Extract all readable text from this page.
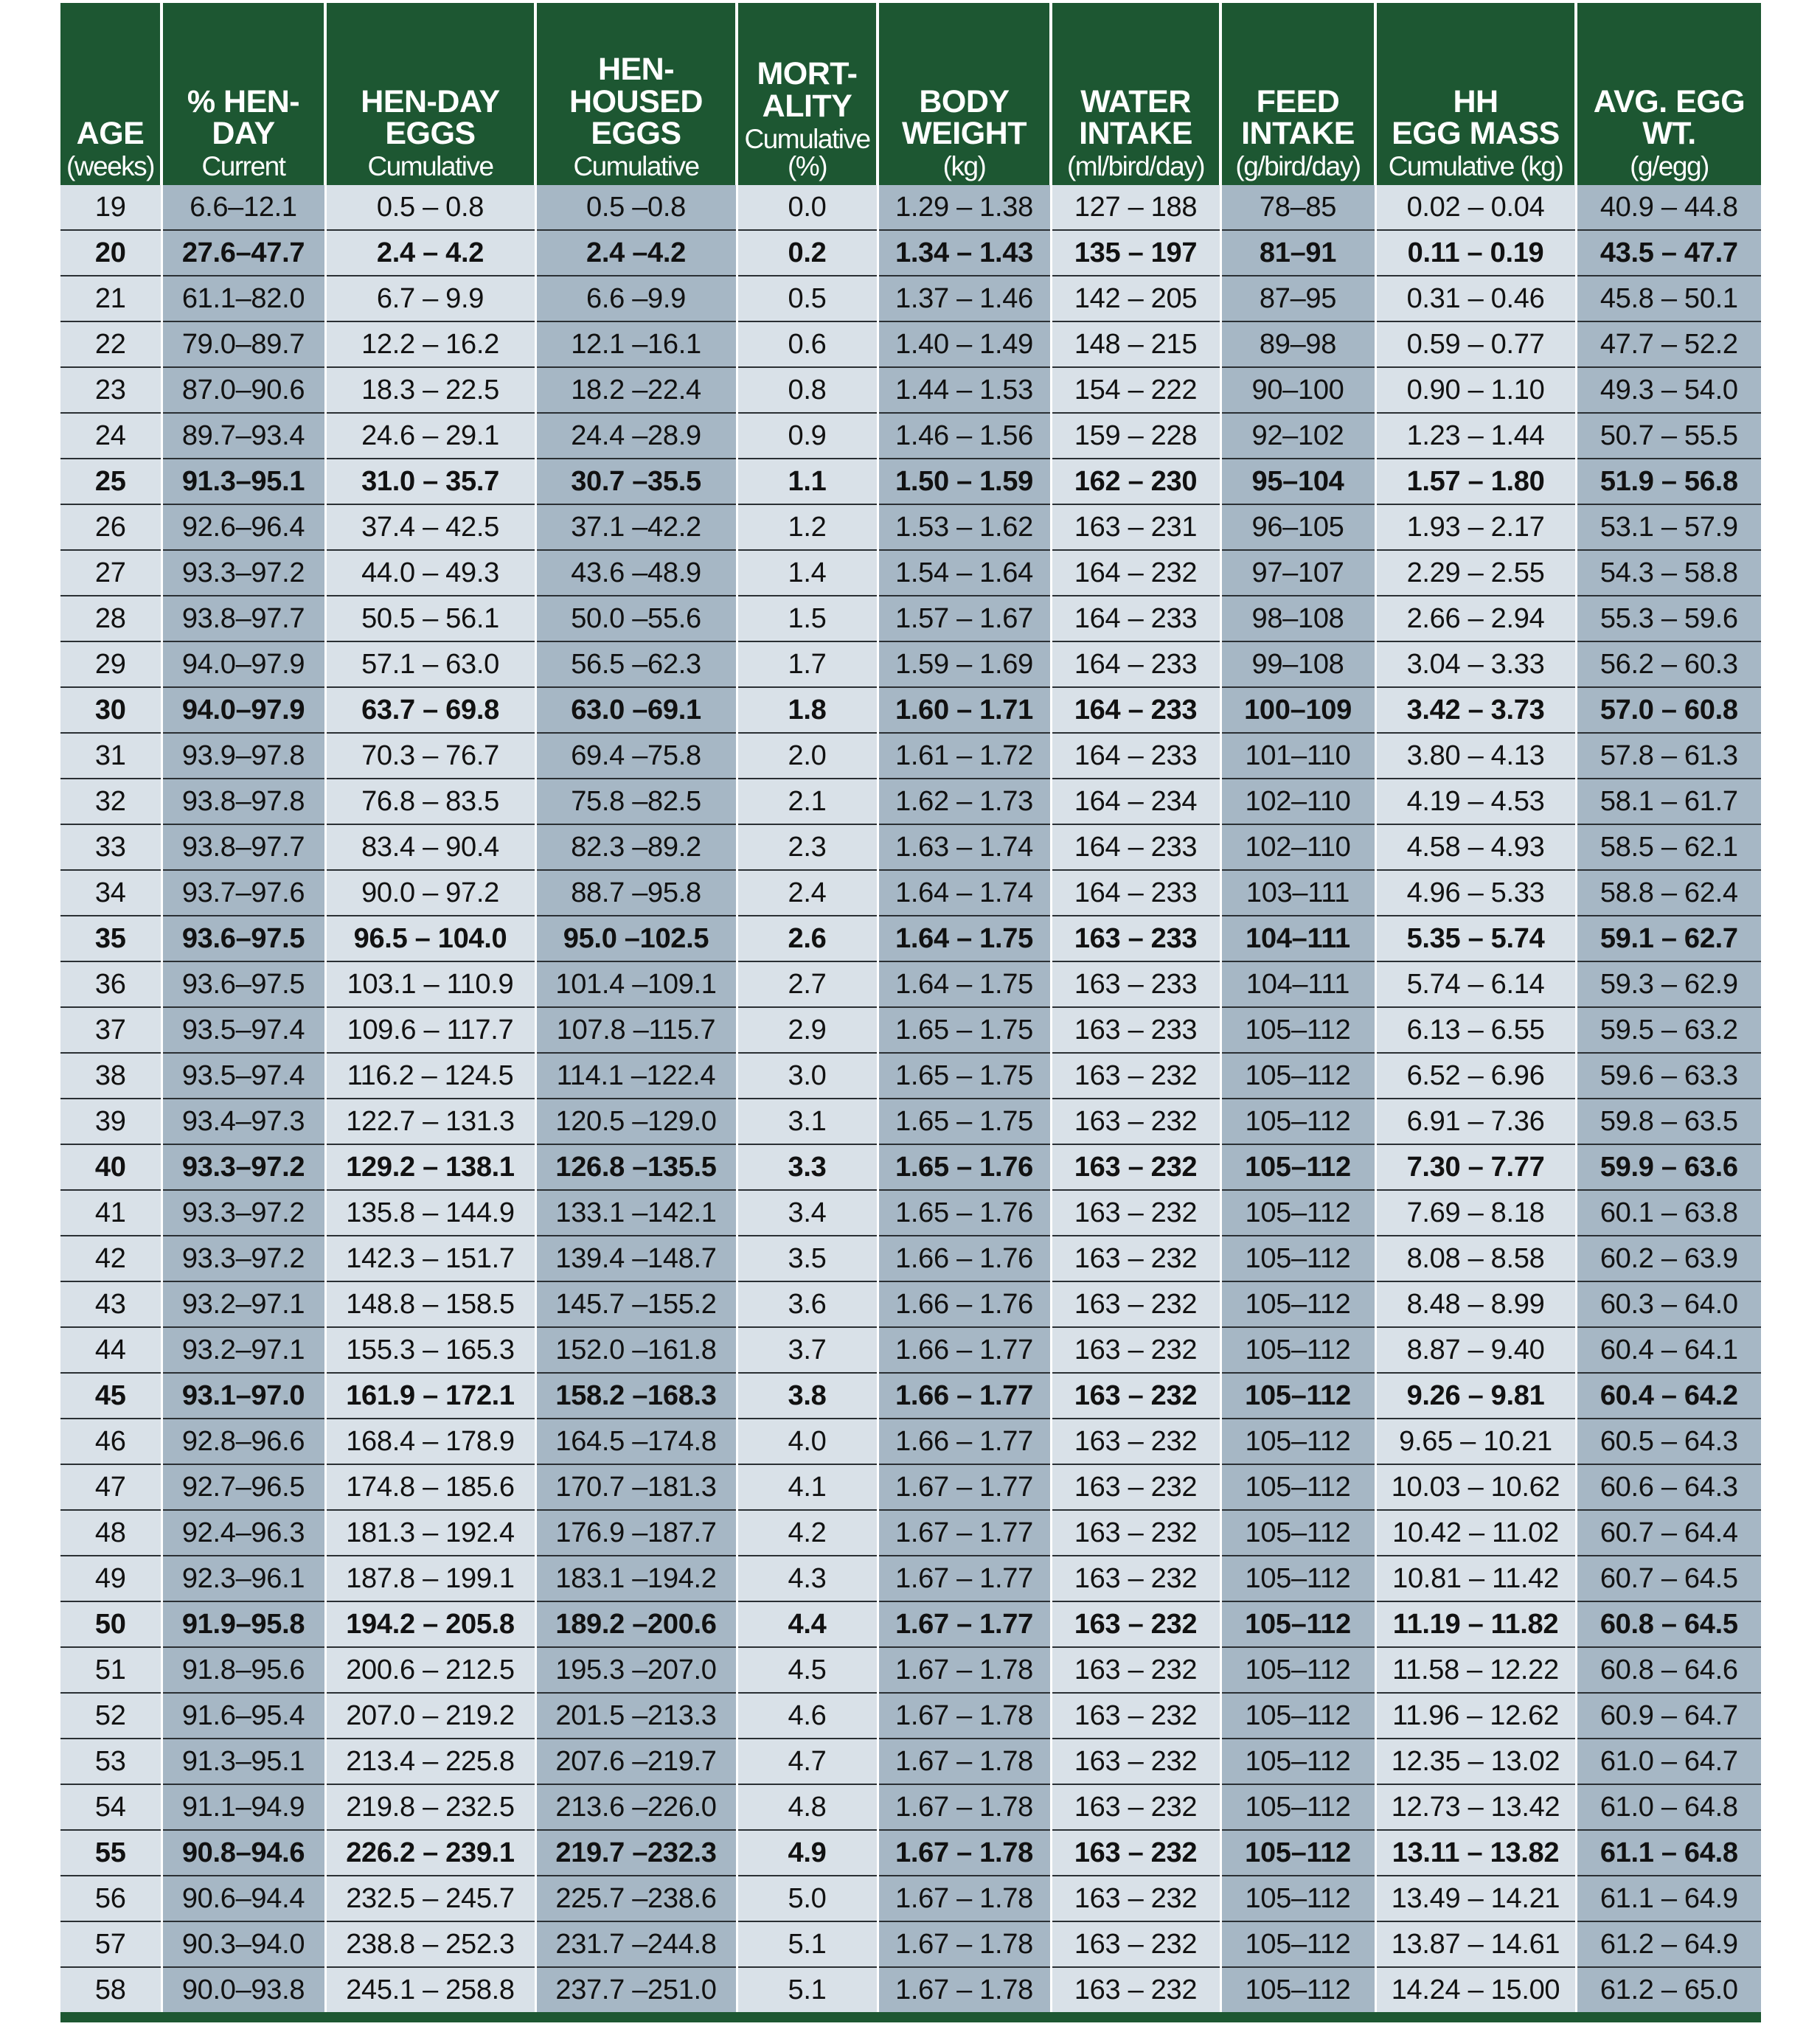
AGE
(weeks)	% HEN-
DAY
Current	HEN-DAY
EGGS
Cumulative	HEN-
HOUSED
EGGS
Cumulative	MORT-
ALITY
Cumulative
(%)	BODY
WEIGHT
(kg)	WATER
INTAKE
(ml/bird/day)	FEED
INTAKE
(g/bird/day)	HH
EGG MASS
Cumulative (kg)	AVG. EGG
WT.
(g/egg)

19	6.6–12.1	0.5 – 0.8	0.5 –0.8	0.0	1.29 – 1.38	127 – 188	78–85	0.02 – 0.04	40.9 – 44.8
20	27.6–47.7	2.4 – 4.2	2.4 –4.2	0.2	1.34 – 1.43	135 – 197	81–91	0.11 – 0.19	43.5 – 47.7
21	61.1–82.0	6.7 – 9.9	6.6 –9.9	0.5	1.37 – 1.46	142 – 205	87–95	0.31 – 0.46	45.8 – 50.1
22	79.0–89.7	12.2 – 16.2	12.1 –16.1	0.6	1.40 – 1.49	148 – 215	89–98	0.59 – 0.77	47.7 – 52.2
23	87.0–90.6	18.3 – 22.5	18.2 –22.4	0.8	1.44 – 1.53	154 – 222	90–100	0.90 – 1.10	49.3 – 54.0
24	89.7–93.4	24.6 – 29.1	24.4 –28.9	0.9	1.46 – 1.56	159 – 228	92–102	1.23 – 1.44	50.7 – 55.5
25	91.3–95.1	31.0 – 35.7	30.7 –35.5	1.1	1.50 – 1.59	162 – 230	95–104	1.57 – 1.80	51.9 – 56.8
26	92.6–96.4	37.4 – 42.5	37.1 –42.2	1.2	1.53 – 1.62	163 – 231	96–105	1.93 – 2.17	53.1 – 57.9
27	93.3–97.2	44.0 – 49.3	43.6 –48.9	1.4	1.54 – 1.64	164 – 232	97–107	2.29 – 2.55	54.3 – 58.8
28	93.8–97.7	50.5 – 56.1	50.0 –55.6	1.5	1.57 – 1.67	164 – 233	98–108	2.66 – 2.94	55.3 – 59.6
29	94.0–97.9	57.1 – 63.0	56.5 –62.3	1.7	1.59 – 1.69	164 – 233	99–108	3.04 – 3.33	56.2 – 60.3
30	94.0–97.9	63.7 – 69.8	63.0 –69.1	1.8	1.60 – 1.71	164 – 233	100–109	3.42 – 3.73	57.0 – 60.8
31	93.9–97.8	70.3 – 76.7	69.4 –75.8	2.0	1.61 – 1.72	164 – 233	101–110	3.80 – 4.13	57.8 – 61.3
32	93.8–97.8	76.8 – 83.5	75.8 –82.5	2.1	1.62 – 1.73	164 – 234	102–110	4.19 – 4.53	58.1 – 61.7
33	93.8–97.7	83.4 – 90.4	82.3 –89.2	2.3	1.63 – 1.74	164 – 233	102–110	4.58 – 4.93	58.5 – 62.1
34	93.7–97.6	90.0 – 97.2	88.7 –95.8	2.4	1.64 – 1.74	164 – 233	103–111	4.96 – 5.33	58.8 – 62.4
35	93.6–97.5	96.5 – 104.0	95.0 –102.5	2.6	1.64 – 1.75	163 – 233	104–111	5.35 – 5.74	59.1 – 62.7
36	93.6–97.5	103.1 – 110.9	101.4 –109.1	2.7	1.64 – 1.75	163 – 233	104–111	5.74 – 6.14	59.3 – 62.9
37	93.5–97.4	109.6 – 117.7	107.8 –115.7	2.9	1.65 – 1.75	163 – 233	105–112	6.13 – 6.55	59.5 – 63.2
38	93.5–97.4	116.2 – 124.5	114.1 –122.4	3.0	1.65 – 1.75	163 – 232	105–112	6.52 – 6.96	59.6 – 63.3
39	93.4–97.3	122.7 – 131.3	120.5 –129.0	3.1	1.65 – 1.75	163 – 232	105–112	6.91 – 7.36	59.8 – 63.5
40	93.3–97.2	129.2 – 138.1	126.8 –135.5	3.3	1.65 – 1.76	163 – 232	105–112	7.30 – 7.77	59.9 – 63.6
41	93.3–97.2	135.8 – 144.9	133.1 –142.1	3.4	1.65 – 1.76	163 – 232	105–112	7.69 – 8.18	60.1 – 63.8
42	93.3–97.2	142.3 – 151.7	139.4 –148.7	3.5	1.66 – 1.76	163 – 232	105–112	8.08 – 8.58	60.2 – 63.9
43	93.2–97.1	148.8 – 158.5	145.7 –155.2	3.6	1.66 – 1.76	163 – 232	105–112	8.48 – 8.99	60.3 – 64.0
44	93.2–97.1	155.3 – 165.3	152.0 –161.8	3.7	1.66 – 1.77	163 – 232	105–112	8.87 – 9.40	60.4 – 64.1
45	93.1–97.0	161.9 – 172.1	158.2 –168.3	3.8	1.66 – 1.77	163 – 232	105–112	9.26 – 9.81	60.4 – 64.2
46	92.8–96.6	168.4 – 178.9	164.5 –174.8	4.0	1.66 – 1.77	163 – 232	105–112	9.65 – 10.21	60.5 – 64.3
47	92.7–96.5	174.8 – 185.6	170.7 –181.3	4.1	1.67 – 1.77	163 – 232	105–112	10.03 – 10.62	60.6 – 64.3
48	92.4–96.3	181.3 – 192.4	176.9 –187.7	4.2	1.67 – 1.77	163 – 232	105–112	10.42 – 11.02	60.7 – 64.4
49	92.3–96.1	187.8 – 199.1	183.1 –194.2	4.3	1.67 – 1.77	163 – 232	105–112	10.81 – 11.42	60.7 – 64.5
50	91.9–95.8	194.2 – 205.8	189.2 –200.6	4.4	1.67 – 1.77	163 – 232	105–112	11.19 – 11.82	60.8 – 64.5
51	91.8–95.6	200.6 – 212.5	195.3 –207.0	4.5	1.67 – 1.78	163 – 232	105–112	11.58 – 12.22	60.8 – 64.6
52	91.6–95.4	207.0 – 219.2	201.5 –213.3	4.6	1.67 – 1.78	163 – 232	105–112	11.96 – 12.62	60.9 – 64.7
53	91.3–95.1	213.4 – 225.8	207.6 –219.7	4.7	1.67 – 1.78	163 – 232	105–112	12.35 – 13.02	61.0 – 64.7
54	91.1–94.9	219.8 – 232.5	213.6 –226.0	4.8	1.67 – 1.78	163 – 232	105–112	12.73 – 13.42	61.0 – 64.8
55	90.8–94.6	226.2 – 239.1	219.7 –232.3	4.9	1.67 – 1.78	163 – 232	105–112	13.11 – 13.82	61.1 – 64.8
56	90.6–94.4	232.5 – 245.7	225.7 –238.6	5.0	1.67 – 1.78	163 – 232	105–112	13.49 – 14.21	61.1 – 64.9
57	90.3–94.0	238.8 – 252.3	231.7 –244.8	5.1	1.67 – 1.78	163 – 232	105–112	13.87 – 14.61	61.2 – 64.9
58	90.0–93.8	245.1 – 258.8	237.7 –251.0	5.1	1.67 – 1.78	163 – 232	105–112	14.24 – 15.00	61.2 – 65.0
